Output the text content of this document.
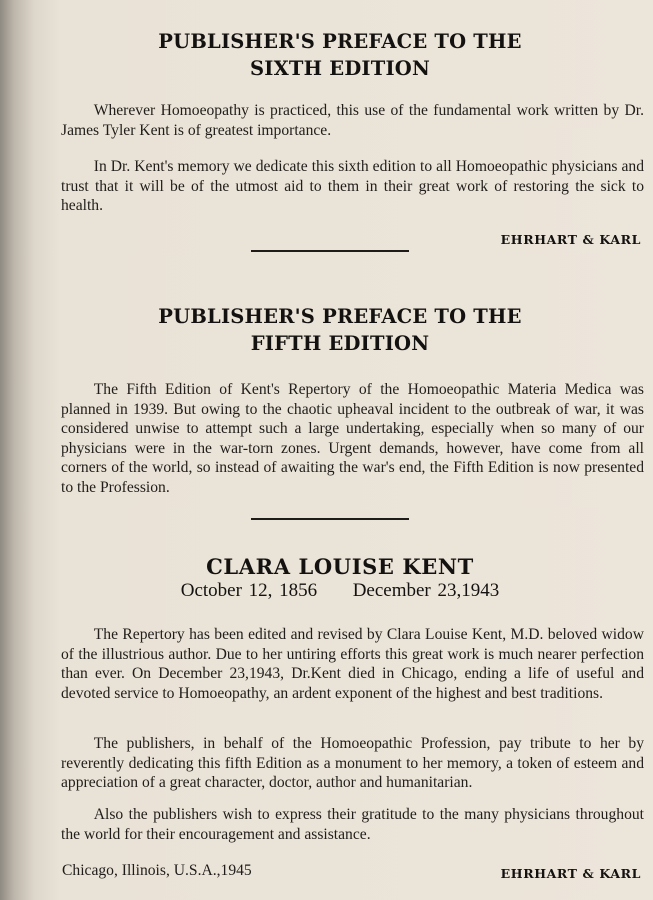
PUBLISHER'S PREFACE TO THE
SIXTH EDITION

Wherever Homoeopathy is practiced, this use of the fundamental work written by Dr. James Tyler Kent is of greatest importance.

In Dr. Kent's memory we dedicate this sixth edition to all Homoeopathic physicians and trust that it will be of the utmost aid to them in their great work of restoring the sick to health.

EHRHART & KARL
PUBLISHER'S PREFACE TO THE
FIFTH EDITION

The Fifth Edition of Kent's Repertory of the Homoeopathic Materia Medica was planned in 1939. But owing to the chaotic upheaval incident to the outbreak of war, it was considered unwise to attempt such a large undertaking, especially when so many of our physicians were in the war-torn zones. Urgent demands, however, have come from all corners of the world, so instead of awaiting the war's end, the Fifth Edition is now presented to the Profession.

CLARA LOUISE KENT
October 12, 1856 December 23,1943

The Repertory has been edited and revised by Clara Louise Kent, M.D. beloved widow of the illustrious author. Due to her untiring efforts this great work is much nearer perfection than ever. On December 23,1943, Dr.Kent died in Chicago, ending a life of useful and devoted service to Homoeopathy, an ardent exponent of the highest and best traditions.

The publishers, in behalf of the Homoeopathic Profession, pay tribute to her by reverently dedicating this fifth Edition as a monument to her memory, a token of esteem and appreciation of a great character, doctor, author and humanitarian.

Also the publishers wish to express their gratitude to the many physicians throughout the world for their encouragement and assistance.

Chicago, Illinois, U.S.A.,1945	EHRHART & KARL
